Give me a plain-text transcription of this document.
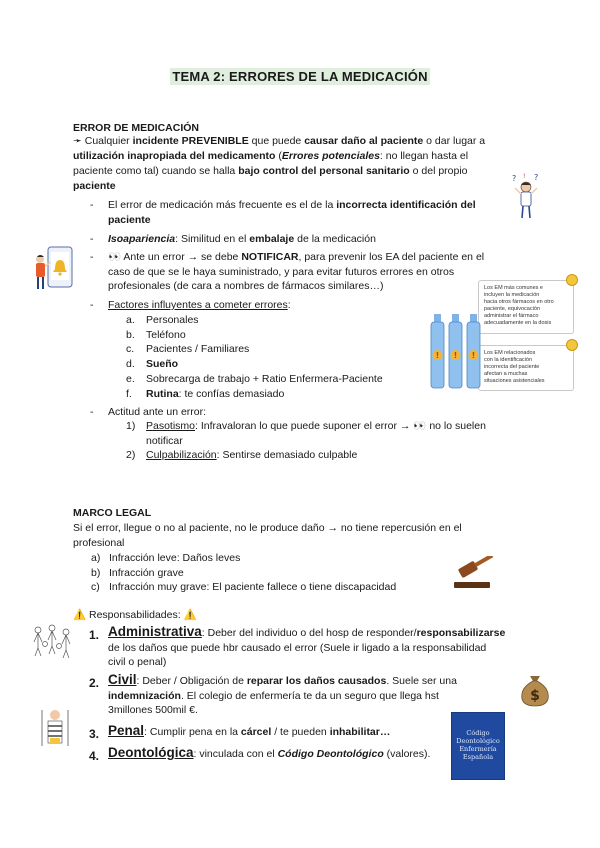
TEMA 2: ERRORES DE LA MEDICACIÓN
ERROR DE MEDICACIÓN
➛ Cualquier incidente PREVENIBLE que puede causar daño al paciente o dar lugar a
utilización inapropiada del medicamento (Errores potenciales: no llegan hasta el
paciente como tal) cuando se halla bajo control del personal sanitario o del propio
paciente
- El error de medicación más frecuente es el de la incorrecta identificación del
paciente
- Isoapariencia: Similitud en el embalaje de la medicación
- 👀 Ante un error → se debe NOTIFICAR, para prevenir los EA del paciente en el
caso de que se le haya suministrado, y para evitar futuros errores en otros
profesionales (de cara a nombres de fármacos similares…)
- Factores influyentes a cometer errores:
a. Personales
b. Teléfono
c. Pacientes / Familiares
d. Sueño
e. Sobrecarga de trabajo + Ratio Enfermera-Paciente
f. Rutina: te confías demasiado
- Actitud ante un error:
1) Pasotismo: Infravaloran lo que puede suponer el error → 👀 no lo suelen
notificar
2) Culpabilización: Sentirse demasiado culpable
MARCO LEGAL
Si el error, llegue o no al paciente, no le produce daño → no tiene repercusión en el
profesional
a) Infracción leve: Daños leves
b) Infracción grave
c) Infracción muy grave: El paciente fallece o tiene discapacidad
⚠️ Responsabilidades: ⚠️
1. Administrativa: Deber del individuo o del hosp de responder/responsabilizarse
de los daños que puede hbr causado el error (Suele ir ligado a la responsabilidad
civil o penal)
2. Civil: Deber / Obligación de reparar los daños causados. Suele ser una
indemnización. El colegio de enfermería te da un seguro que llega hst
3millones 500mil €.
3. Penal: Cumplir pena en la cárcel / te pueden inhabilitar…
4. Deontológica: vinculada con el Código Deontológico (valores).
? ?
!
Los EM más comunes e
incluyen la medicación
hacia otros fármacos en otro
paciente, equivocación
administrar el fármaco
adecuadamente en la dosis
Los EM relacionados
con la identificación
incorrecta del paciente
afectan a muchas
situaciones asistenciales
! ! !
$
Código
Deontológico
Enfermería
Española
